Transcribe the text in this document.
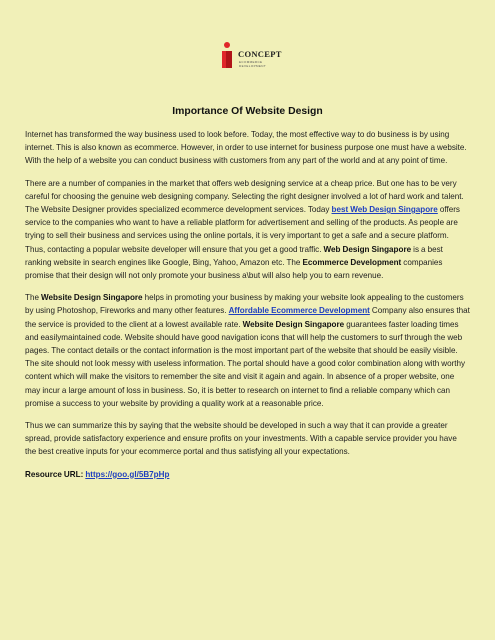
CONCEPT
ECOMMERCE DEVELOPMENT
Importance Of Website Design

Internet has transformed the way business used to look before. Today, the most effective way to do business is by using internet. This is also known as ecommerce. However, in order to use internet for business purpose one must have a website. With the help of a website you can conduct business with customers from any part of the world and at any point of time.

There are a number of companies in the market that offers web designing service at a cheap price. But one has to be very careful for choosing the genuine web designing company. Selecting the right designer involved a lot of hard work and talent. The Website Designer provides specialized ecommerce development services. Today best Web Design Singapore offers service to the companies who want to have a reliable platform for advertisement and selling of the products. As people are trying to sell their business and services using the online portals, it is very important to get a safe and a secure platform. Thus, contacting a popular website developer will ensure that you get a good traffic. Web Design Singapore is a best ranking website in search engines like Google, Bing, Yahoo, Amazon etc. The Ecommerce Development companies promise that their design will not only promote your business a\but will also help you to earn revenue.

The Website Design Singapore helps in promoting your business by making your website look appealing to the customers by using Photoshop, Fireworks and many other features. Affordable Ecommerce Development Company also ensures that the service is provided to the client at a lowest available rate. Website Design Singapore guarantees faster loading times and easilymaintained code. Website should have good navigation icons that will help the customers to surf through the web pages. The contact details or the contact information is the most important part of the website that should be easily visible. The site should not look messy with useless information. The portal should have a good color combination along with worthy content which will make the visitors to remember the site and visit it again and again. In absence of a proper website, one may incur a large amount of loss in business. So, it is better to research on internet to find a reliable company which can promise a success to your website by providing a quality work at a reasonable price.

Thus we can summarize this by saying that the website should be developed in such a way that it can provide a greater spread, provide satisfactory experience and ensure profits on your investments. With a capable service provider you have the best creative inputs for your ecommerce portal and thus satisfying all your expectations.

Resource URL: https://goo.gl/5B7pHp
